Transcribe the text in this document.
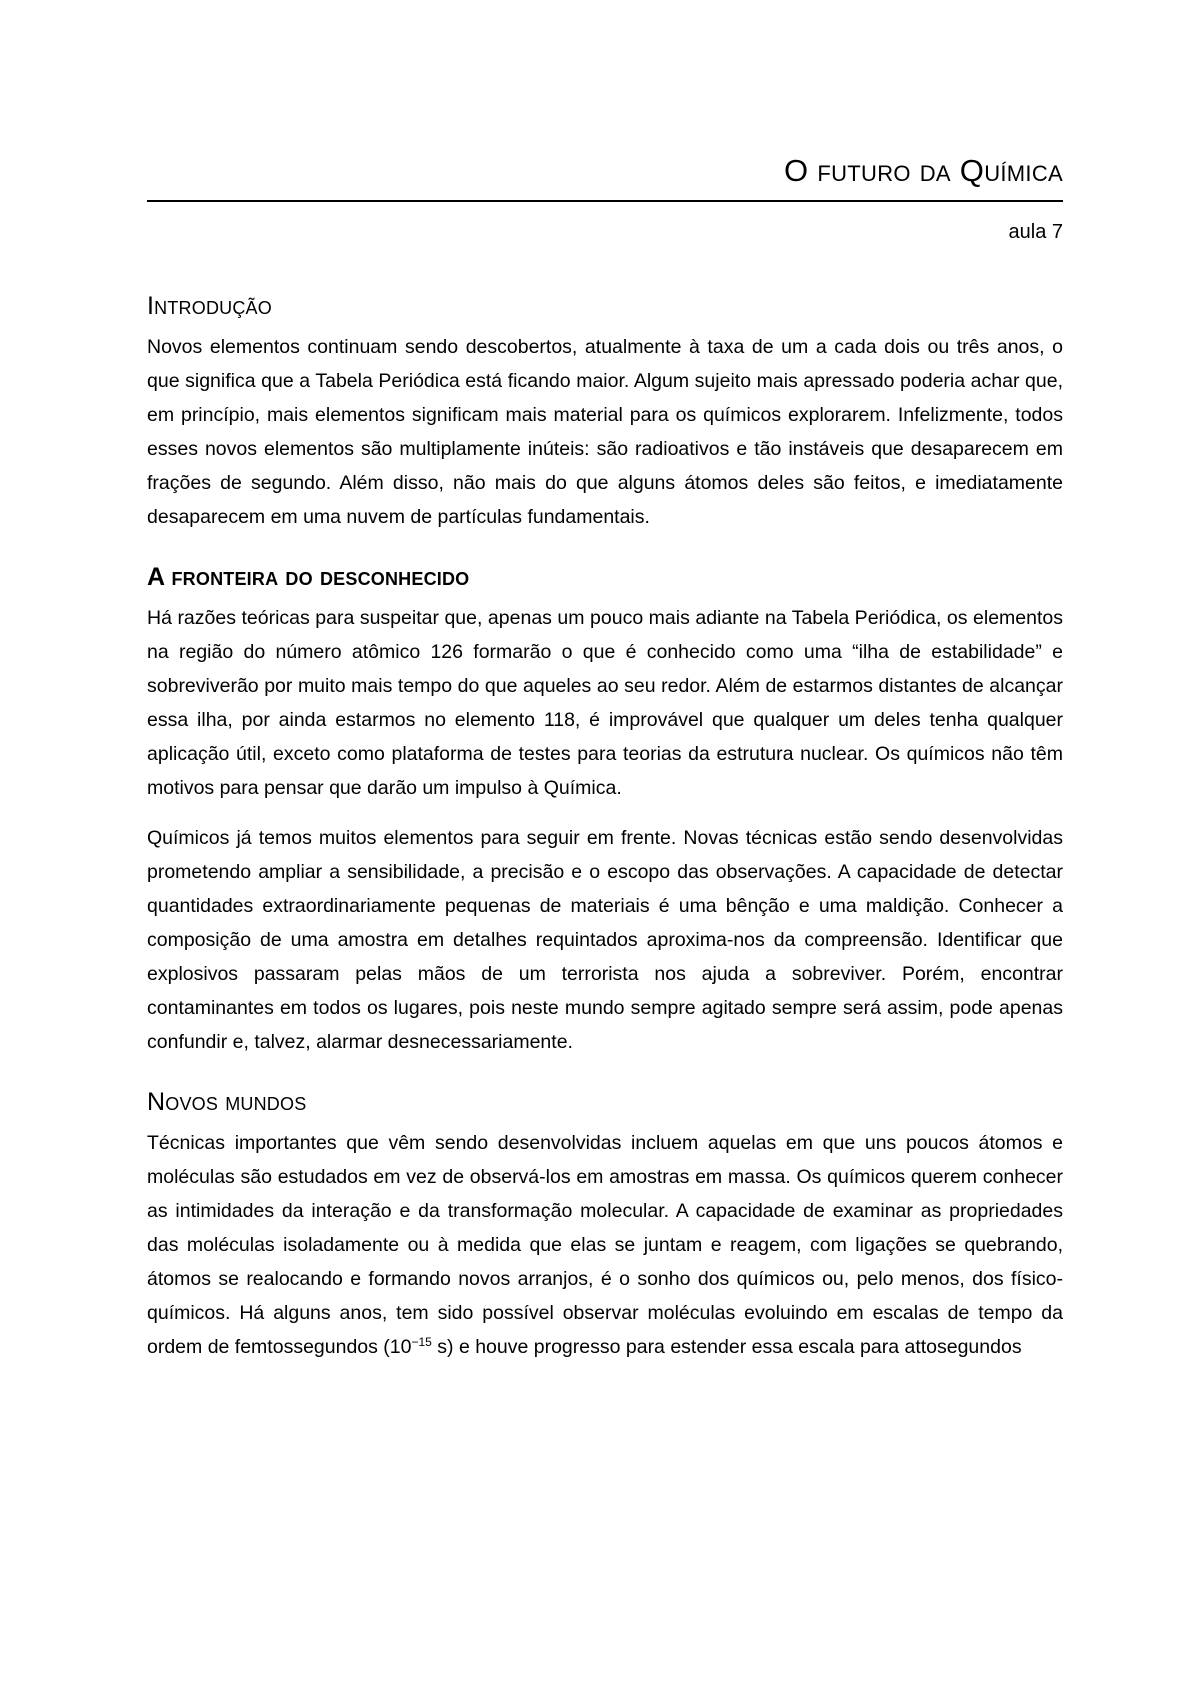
O futuro da Química
aula 7
Introdução

Novos elementos continuam sendo descobertos, atualmente à taxa de um a cada dois ou três anos, o que significa que a Tabela Periódica está ficando maior. Algum sujeito mais apressado poderia achar que, em princípio, mais elementos significam mais material para os químicos explorarem. Infelizmente, todos esses novos elementos são multiplamente inúteis: são radioativos e tão instáveis que desaparecem em frações de segundo. Além disso, não mais do que alguns átomos deles são feitos, e imediatamente desaparecem em uma nuvem de partículas fundamentais.

A fronteira do desconhecido

Há razões teóricas para suspeitar que, apenas um pouco mais adiante na Tabela Periódica, os elementos na região do número atômico 126 formarão o que é conhecido como uma “ilha de estabilidade” e sobreviverão por muito mais tempo do que aqueles ao seu redor. Além de estarmos distantes de alcançar essa ilha, por ainda estarmos no elemento 118, é improvável que qualquer um deles tenha qualquer aplicação útil, exceto como plataforma de testes para teorias da estrutura nuclear. Os químicos não têm motivos para pensar que darão um impulso à Química.

Químicos já temos muitos elementos para seguir em frente. Novas técnicas estão sendo desenvolvidas prometendo ampliar a sensibilidade, a precisão e o escopo das observações. A capacidade de detectar quantidades extraordinariamente pequenas de materiais é uma bênção e uma maldição. Conhecer a composição de uma amostra em detalhes requintados aproxima-nos da compreensão. Identificar que explosivos passaram pelas mãos de um terrorista nos ajuda a sobreviver. Porém, encontrar contaminantes em todos os lugares, pois neste mundo sempre agitado sempre será assim, pode apenas confundir e, talvez, alarmar desnecessariamente.

Novos mundos

Técnicas importantes que vêm sendo desenvolvidas incluem aquelas em que uns poucos átomos e moléculas são estudados em vez de observá-los em amostras em massa. Os químicos querem conhecer as intimidades da interação e da transformação molecular. A capacidade de examinar as propriedades das moléculas isoladamente ou à medida que elas se juntam e reagem, com ligações se quebrando, átomos se realocando e formando novos arranjos, é o sonho dos químicos ou, pelo menos, dos físico-químicos. Há alguns anos, tem sido possível observar moléculas evoluindo em escalas de tempo da ordem de femtossegundos ($10^{-15}$ s) e houve progresso para estender essa escala para attosegundos
